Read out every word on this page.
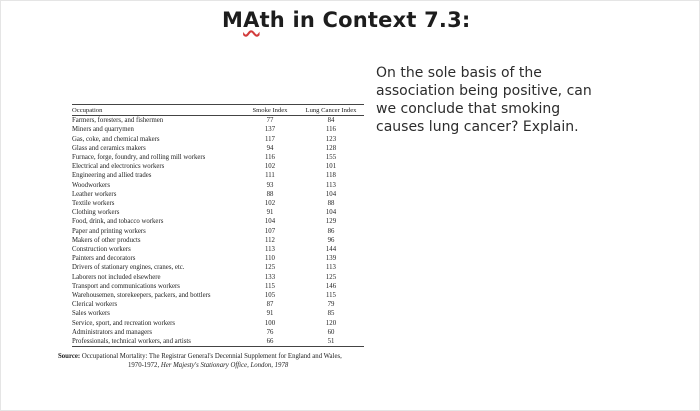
MAth in Context 7.3:
On the sole basis of the association being positive, can we conclude that smoking causes lung cancer? Explain.
Occupation	Smoke Index	Lung Cancer Index
Farmers, foresters, and fishermen	77	84
Miners and quarrymen	137	116
Gas, coke, and chemical makers	117	123
Glass and ceramics makers	94	128
Furnace, forge, foundry, and rolling mill workers	116	155
Electrical and electronics workers	102	101
Engineering and allied trades	111	118
Woodworkers	93	113
Leather workers	88	104
Textile workers	102	88
Clothing workers	91	104
Food, drink, and tobacco workers	104	129
Paper and printing workers	107	86
Makers of other products	112	96
Construction workers	113	144
Painters and decorators	110	139
Drivers of stationary engines, cranes, etc.	125	113
Laborers not included elsewhere	133	125
Transport and communications workers	115	146
Warehousemen, storekeepers, packers, and bottlers	105	115
Clerical workers	87	79
Sales workers	91	85
Service, sport, and recreation workers	100	120
Administrators and managers	76	60
Professionals, technical workers, and artists	66	51
Source: Occupational Mortality: The Registrar General's Decennial Supplement for England and Wales,
1970-1972, Her Majesty's Stationary Office, London, 1978
